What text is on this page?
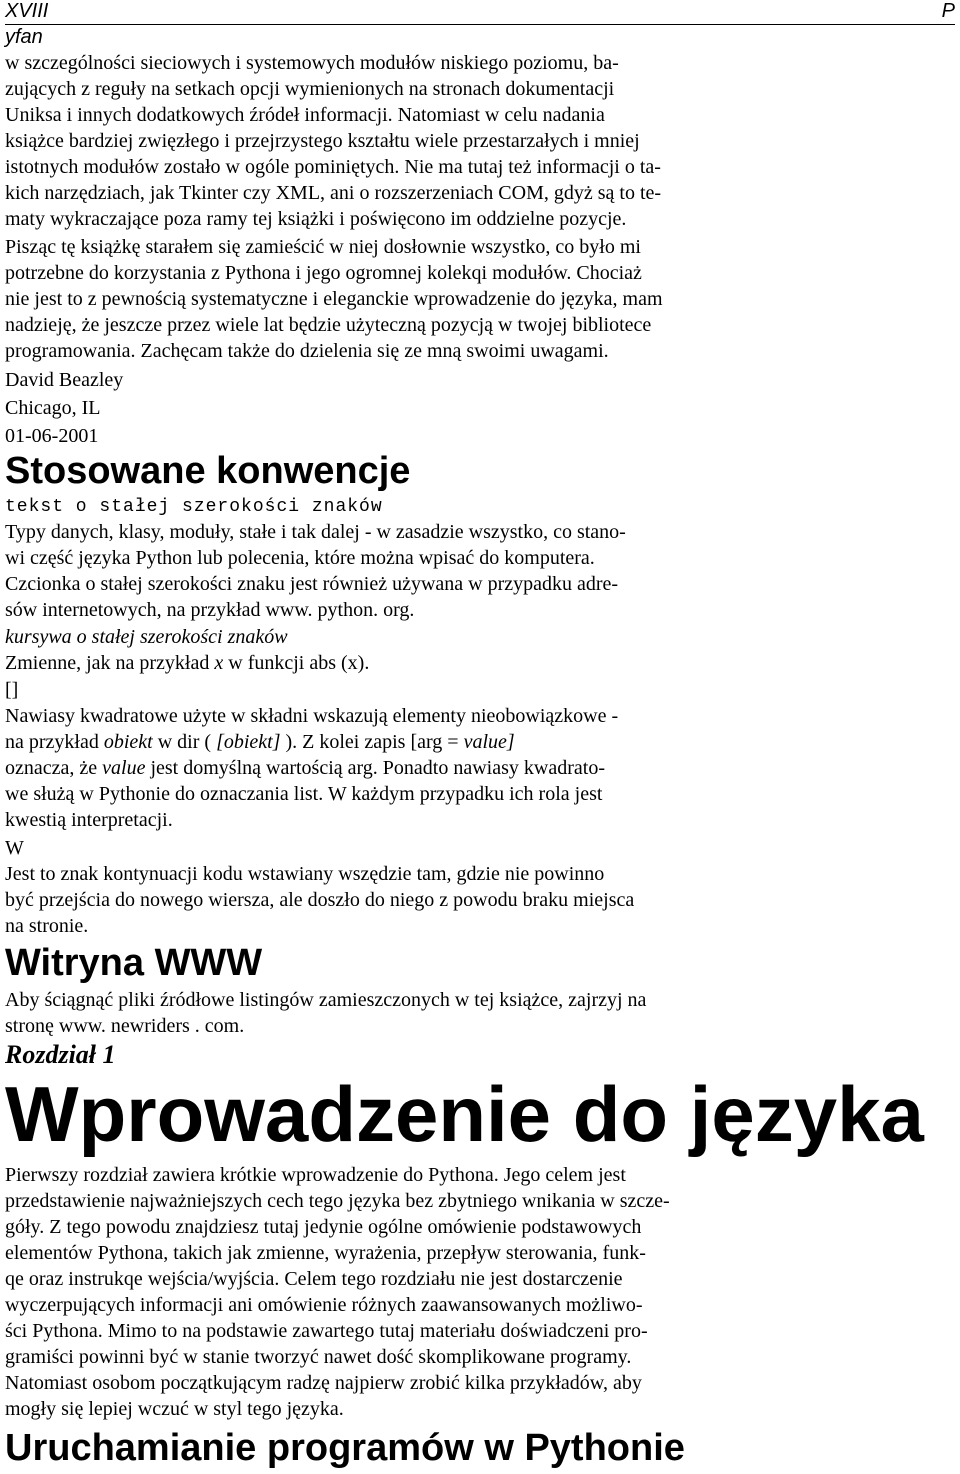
XVIII	P
yfan
w szczególności sieciowych i systemowych modułów niskiego poziomu, ba-
zujących z reguły na setkach opcji wymienionych na stronach dokumentacji
Uniksa i innych dodatkowych źródeł informacji. Natomiast w celu nadania
książce bardziej zwięzłego i przejrzystego kształtu wiele przestarzałych i mniej
istotnych modułów zostało w ogóle pominiętych. Nie ma tutaj też informacji o ta-
kich narzędziach, jak Tkinter czy XML, ani o rozszerzeniach COM, gdyż są to te-
maty wykraczające poza ramy tej książki i poświęcono im oddzielne pozycje.
Pisząc tę książkę starałem się zamieścić w niej dosłownie wszystko, co było mi
potrzebne do korzystania z Pythona i jego ogromnej kolekqi modułów. Chociaż
nie jest to z pewnością systematyczne i eleganckie wprowadzenie do języka, mam
nadzieję, że jeszcze przez wiele lat będzie użyteczną pozycją w twojej bibliotece
programowania. Zachęcam także do dzielenia się ze mną swoimi uwagami.
David Beazley
Chicago, IL
01-06-2001
Stosowane konwencje
tekst o stałej szerokości znaków
Typy danych, klasy, moduły, stałe i tak dalej - w zasadzie wszystko, co stano-
wi część języka Python lub polecenia, które można wpisać do komputera.
Czcionka o stałej szerokości znaku jest również używana w przypadku adre-
sów internetowych, na przykład www. python. org.
kursywa o stałej szerokości znaków
Zmienne, jak na przykład x w funkcji abs (x).
[]
Nawiasy kwadratowe użyte w składni wskazują elementy nieobowiązkowe -
na przykład obiekt w dir ( [obiekt] ). Z kolei zapis [arg = value]
oznacza, że value jest domyślną wartością arg. Ponadto nawiasy kwadrato-
we służą w Pythonie do oznaczania list. W każdym przypadku ich rola jest
kwestią interpretacji.
W
Jest to znak kontynuacji kodu wstawiany wszędzie tam, gdzie nie powinno
być przejścia do nowego wiersza, ale doszło do niego z powodu braku miejsca
na stronie.
Witryna WWW
Aby ściągnąć pliki źródłowe listingów zamieszczonych w tej książce, zajrzyj na
stronę www. newriders . com.
Rozdział 1
Wprowadzenie do języka
Pierwszy rozdział zawiera krótkie wprowadzenie do Pythona. Jego celem jest
przedstawienie najważniejszych cech tego języka bez zbytniego wnikania w szcze-
góły. Z tego powodu znajdziesz tutaj jedynie ogólne omówienie podstawowych
elementów Pythona, takich jak zmienne, wyrażenia, przepływ sterowania, funk-
qe oraz instrukqe wejścia/wyjścia. Celem tego rozdziału nie jest dostarczenie
wyczerpujących informacji ani omówienie różnych zaawansowanych możliwo-
ści Pythona. Mimo to na podstawie zawartego tutaj materiału doświadczeni pro-
gramiści powinni być w stanie tworzyć nawet dość skomplikowane programy.
Natomiast osobom początkującym radzę najpierw zrobić kilka przykładów, aby
mogły się lepiej wczuć w styl tego języka.
Uruchamianie programów w Pythonie
